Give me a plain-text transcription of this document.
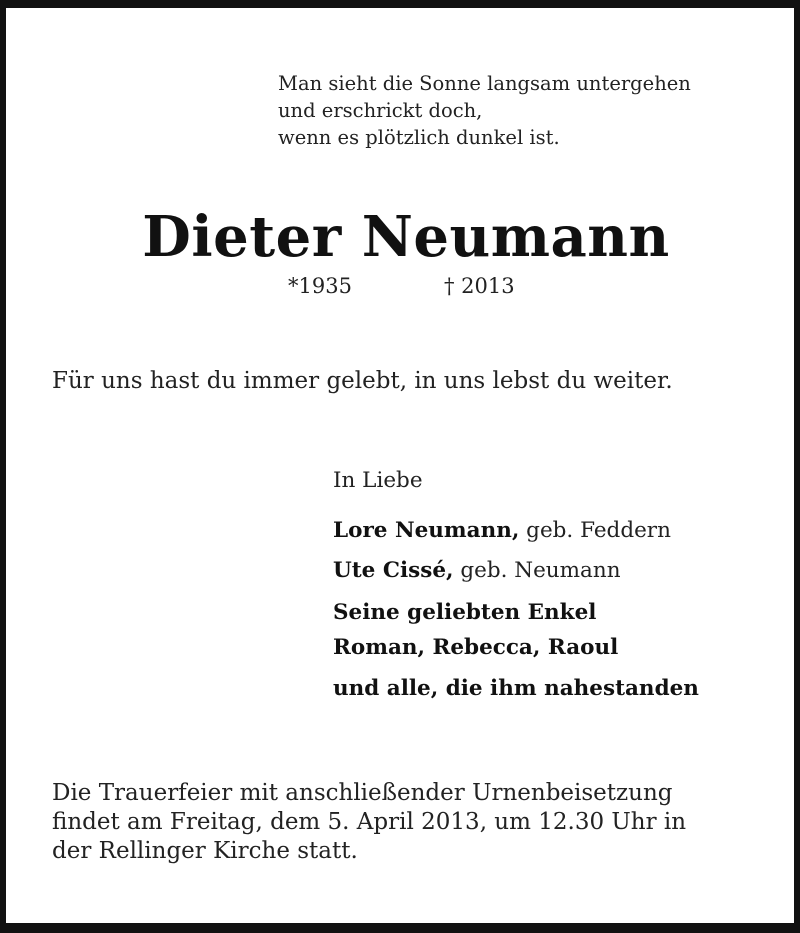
Man sieht die Sonne langsam untergehen
und erschrickt doch,
wenn es plötzlich dunkel ist.
Dieter Neumann
*1935	† 2013
Für uns hast du immer gelebt, in uns lebst du weiter.
In Liebe
Lore Neumann, geb. Feddern
Ute Cissé, geb. Neumann
Seine geliebten Enkel
Roman, Rebecca, Raoul
und alle, die ihm nahestanden
Die Trauerfeier mit anschließender Urnenbeisetzung
findet am Freitag, dem 5. April 2013, um 12.30 Uhr in
der Rellinger Kirche statt.
